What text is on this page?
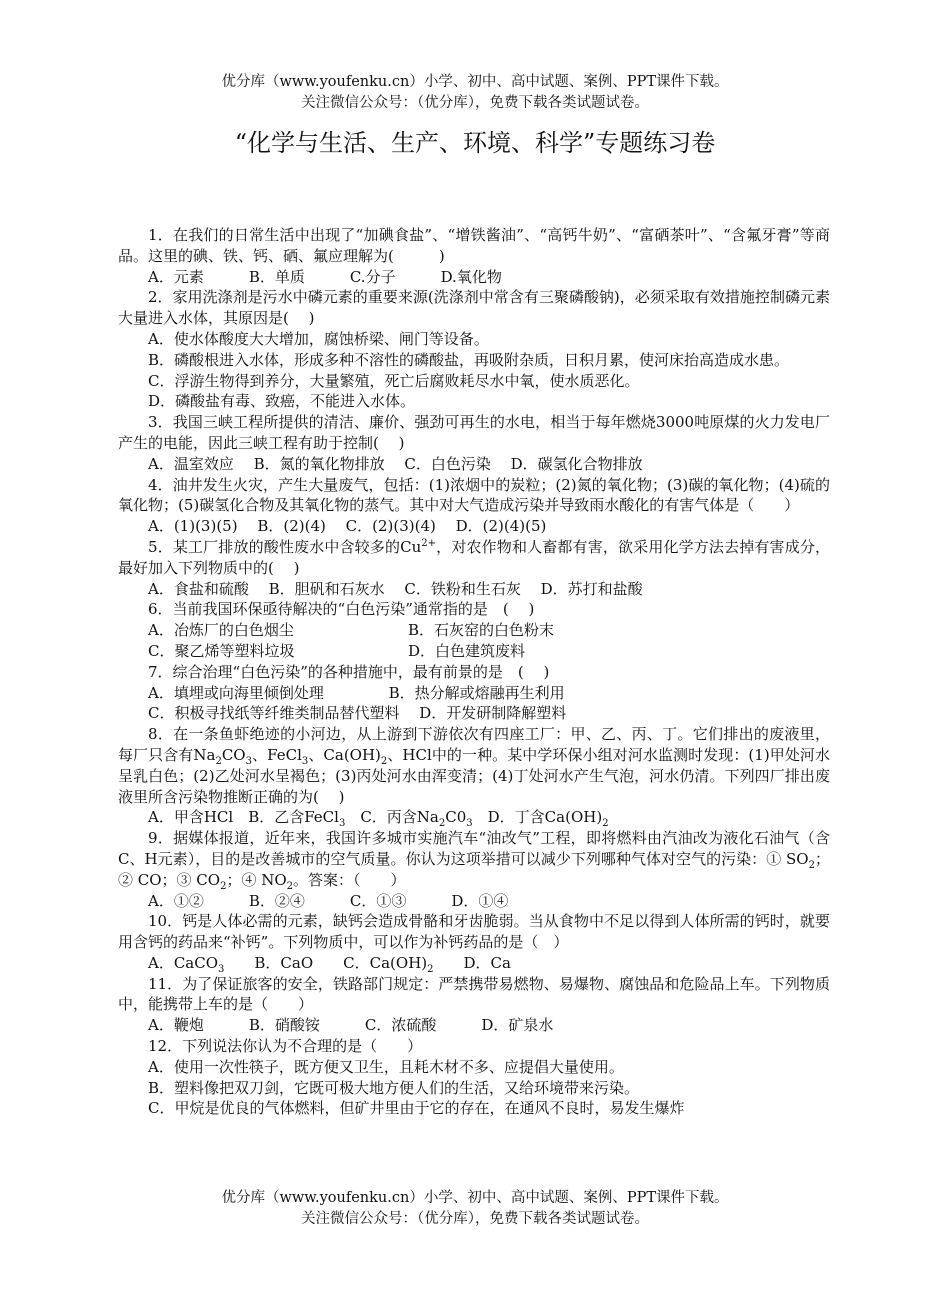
优分库（www.youfenku.cn）小学、初中、高中试题、案例、PPT课件下载。
关注微信公众号：（优分库），免费下载各类试题试卷。
“化学与生活、生产、环境、科学”专题练习卷

1．在我们的日常生活中出现了“加碘食盐”、“增铁酱油”、“高钙牛奶”、“富硒茶叶”、“含氟牙膏”等商品。这里的碘、铁、钙、硒、氟应理解为(　　　)

A．元素　　　B．单质　　　C.分子　　　D.氧化物

2．家用洗涤剂是污水中磷元素的重要来源(洗涤剂中常含有三聚磷酸钠)，必须采取有效措施控制磷元素大量进入水体，其原因是(　 )

A．使水体酸度大大增加，腐蚀桥梁、闸门等设备。

B．磷酸根进入水体，形成多种不溶性的磷酸盐，再吸附杂质，日积月累，使河床抬高造成水患。

C．浮游生物得到养分，大量繁殖，死亡后腐败耗尽水中氧，使水质恶化。

D．磷酸盐有毒、致癌，不能进入水体。

3．我国三峡工程所提供的清洁、廉价、强劲可再生的水电，相当于每年燃烧3000吨原煤的火力发电厂产生的电能，因此三峡工程有助于控制(　 )

A．温室效应　 B．氮的氧化物排放　 C．白色污染　 D．碳氢化合物排放

4．油井发生火灾，产生大量废气，包括：(1)浓烟中的炭粒；(2)氮的氧化物；(3)碳的氧化物；(4)硫的氧化物；(5)碳氢化合物及其氧化物的蒸气。其中对大气造成污染并导致雨水酸化的有害气体是（　　）

A．(1)(3)(5)　 B．(2)(4)　 C．(2)(3)(4)　 D．(2)(4)(5)

5．某工厂排放的酸性废水中含较多的$Cu^{2+}$，对农作物和人畜都有害，欲采用化学方法去掉有害成分，最好加入下列物质中的(　 )

A．食盐和硫酸　 B．胆矾和石灰水　 C．铁粉和生石灰　 D．苏打和盐酸

6．当前我国环保亟待解决的“白色污染”通常指的是　(　 )

A．冶炼厂的白色烟尘	B．石灰窑的白色粉末
C．聚乙烯等塑料垃圾	D．白色建筑废料

7．综合治理“白色污染”的各种措施中，最有前景的是　(　 )

A．填埋或向海里倾倒处理　　　　 B．热分解或熔融再生利用

C．积极寻找纸等纤维类制品替代塑料　 D．开发研制降解塑料

8．在一条鱼虾绝迹的小河边，从上游到下游依次有四座工厂：甲、乙、丙、丁。它们排出的废液里，每厂只含有$Na_2CO_3$、FeCl$_3$、$Ca(OH)_2$、HCl中的一种。某中学环保小组对河水监测时发现：(1)甲处河水呈乳白色；(2)乙处河水呈褐色；(3)丙处河水由浑变清；(4)丁处河水产生气泡，河水仍清。下列四厂排出废液里所含污染物推断正确的为(　 )

A．甲含HCl　B．乙含FeCl$_3$　C．丙含$Na_2C0_3$　D．丁含$Ca(OH)_2$

9．据媒体报道，近年来，我国许多城市实施汽车“油改气”工程，即将燃料由汽油改为液化石油气（含C、H元素），目的是改善城市的空气质量。你认为这项举措可以减少下列哪种气体对空气的污染：① $SO_2$；② CO；③ $CO_2$；④ $NO_2$。答案：（　　）

A．①②　　　B．②④　　　C．①③　　　D．①④

10．钙是人体必需的元素，缺钙会造成骨骼和牙齿脆弱。当从食物中不足以得到人体所需的钙时，就要用含钙的药品来“补钙”。下列物质中，可以作为补钙药品的是（　）

A．CaCO$_3$　　B．CaO　　C．$Ca(OH)_2$　　D．Ca

11．为了保证旅客的安全，铁路部门规定：严禁携带易燃物、易爆物、腐蚀品和危险品上车。下列物质中，能携带上车的是（　　）

A．鞭炮　　　B．硝酸铵　　　C．浓硫酸　　　D．矿泉水

12．下列说法你认为不合理的是（　　）

A．使用一次性筷子，既方便又卫生，且耗木材不多、应提倡大量使用。

B．塑料像把双刀剑，它既可极大地方便人们的生活，又给环境带来污染。

C．甲烷是优良的气体燃料，但矿井里由于它的存在，在通风不良时，易发生爆炸

优分库（www.youfenku.cn）小学、初中、高中试题、案例、PPT课件下载。
关注微信公众号：（优分库），免费下载各类试题试卷。
